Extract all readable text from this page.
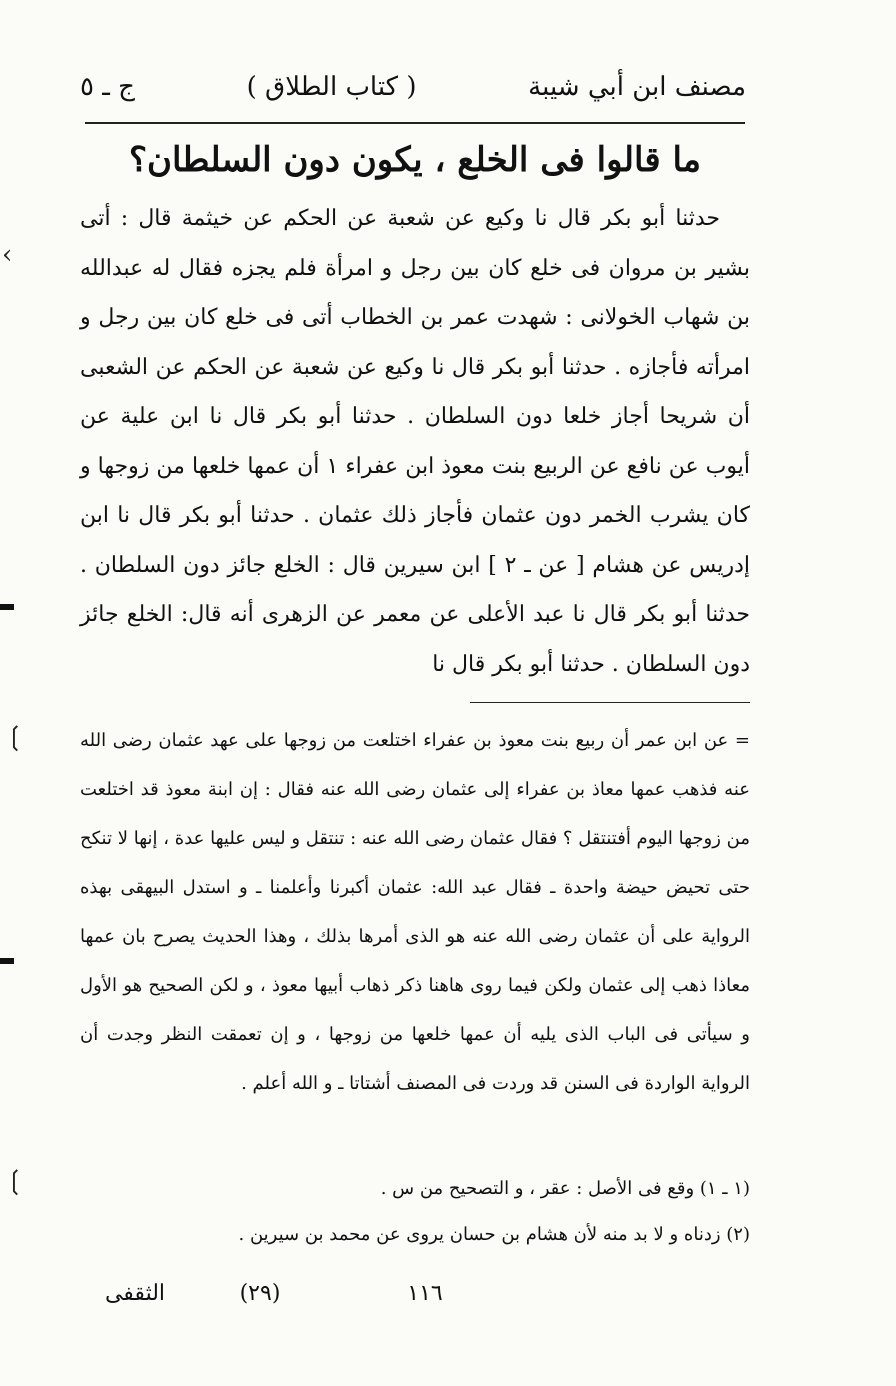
مصنف ابن أبي شيبة
( كتاب الطلاق )
ج ـ ٥
ما قالوا فى الخلع ، يكون دون السلطان؟

حدثنا أبو بكر قال نا وكيع عن شعبة عن الحكم عن خيثمة قال : أتى بشير بن مروان فى خلع كان بين رجل و امرأة فلم يجزه فقال له عبدالله بن شهاب الخولانى : شهدت عمر بن الخطاب أتى فى خلع كان بين رجل و امرأته فأجازه . حدثنا أبو بكر قال نا وكيع عن شعبة عن الحكم عن الشعبى أن شريحا أجاز خلعا دون السلطان . حدثنا أبو بكر قال نا ابن علية عن أيوب عن نافع عن الربيع بنت معوذ ابن عفراء ١ أن عمها خلعها من زوجها و كان يشرب الخمر دون عثمان فأجاز ذلك عثمان . حدثنا أبو بكر قال نا ابن إدريس عن هشام [ عن ـ ٢ ] ابن سيرين قال : الخلع جائز دون السلطان . حدثنا أبو بكر قال نا عبد الأعلى عن معمر عن الزهرى أنه قال: الخلع جائز دون السلطان . حدثنا أبو بكر قال نا

= عن ابن عمر أن ربيع بنت معوذ بن عفراء اختلعت من زوجها على عهد عثمان رضى الله عنه فذهب عمها معاذ بن عفراء إلى عثمان رضى الله عنه فقال : إن ابنة معوذ قد اختلعت من زوجها اليوم أفتنتقل ؟ فقال عثمان رضى الله عنه : تنتقل و ليس عليها عدة ، إنها لا تنكح حتى تحيض حيضة واحدة ـ فقال عبد الله: عثمان أكبرنا وأعلمنا ـ و استدل البيهقى بهذه الرواية على أن عثمان رضى الله عنه هو الذى أمرها بذلك ، وهذا الحديث يصرح بان عمها معاذا ذهب إلى عثمان ولكن فيما روى هاهنا ذكر ذهاب أبيها معوذ ، و لكن الصحيح هو الأول و سيأتى فى الباب الذى يليه أن عمها خلعها من زوجها ، و إن تعمقت النظر وجدت أن الرواية الواردة فى السنن قد وردت فى المصنف أشتاتا ـ و الله أعلم .

(١ ـ ١) وقع فى الأصل : عقر ، و التصحيح من س .

(٢) زدناه و لا بد منه لأن هشام بن حسان يروى عن محمد بن سيرين .

١١٦
(٢٩)
الثقفى
‹
❲
❲
